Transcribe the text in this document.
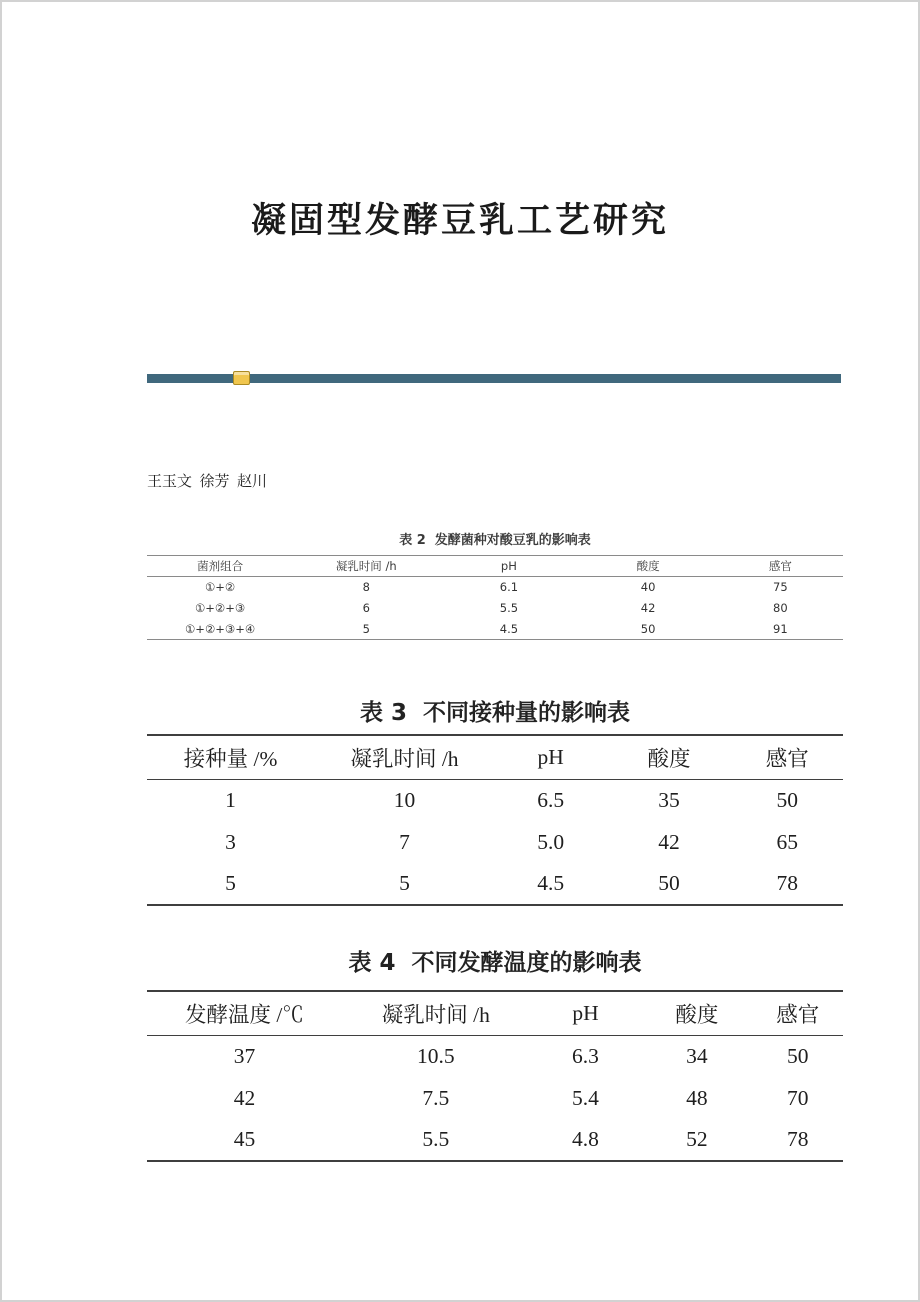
凝固型发酵豆乳工艺研究

王玉文  徐芳  赵川

表 2  发酵菌种对酸豆乳的影响表

菌剂组合	凝乳时间 /h	pH	酸度	感官
①+②	8	6.1	40	75
①+②+③	6	5.5	42	80
①+②+③+④	5	4.5	50	91

表 3  不同接种量的影响表

接种量 /%	凝乳时间 /h	pH	酸度	感官
1	10	6.5	35	50
3	7	5.0	42	65
5	5	4.5	50	78

表 4  不同发酵温度的影响表

发酵温度 /℃	凝乳时间 /h	pH	酸度	感官
37	10.5	6.3	34	50
42	7.5	5.4	48	70
45	5.5	4.8	52	78
